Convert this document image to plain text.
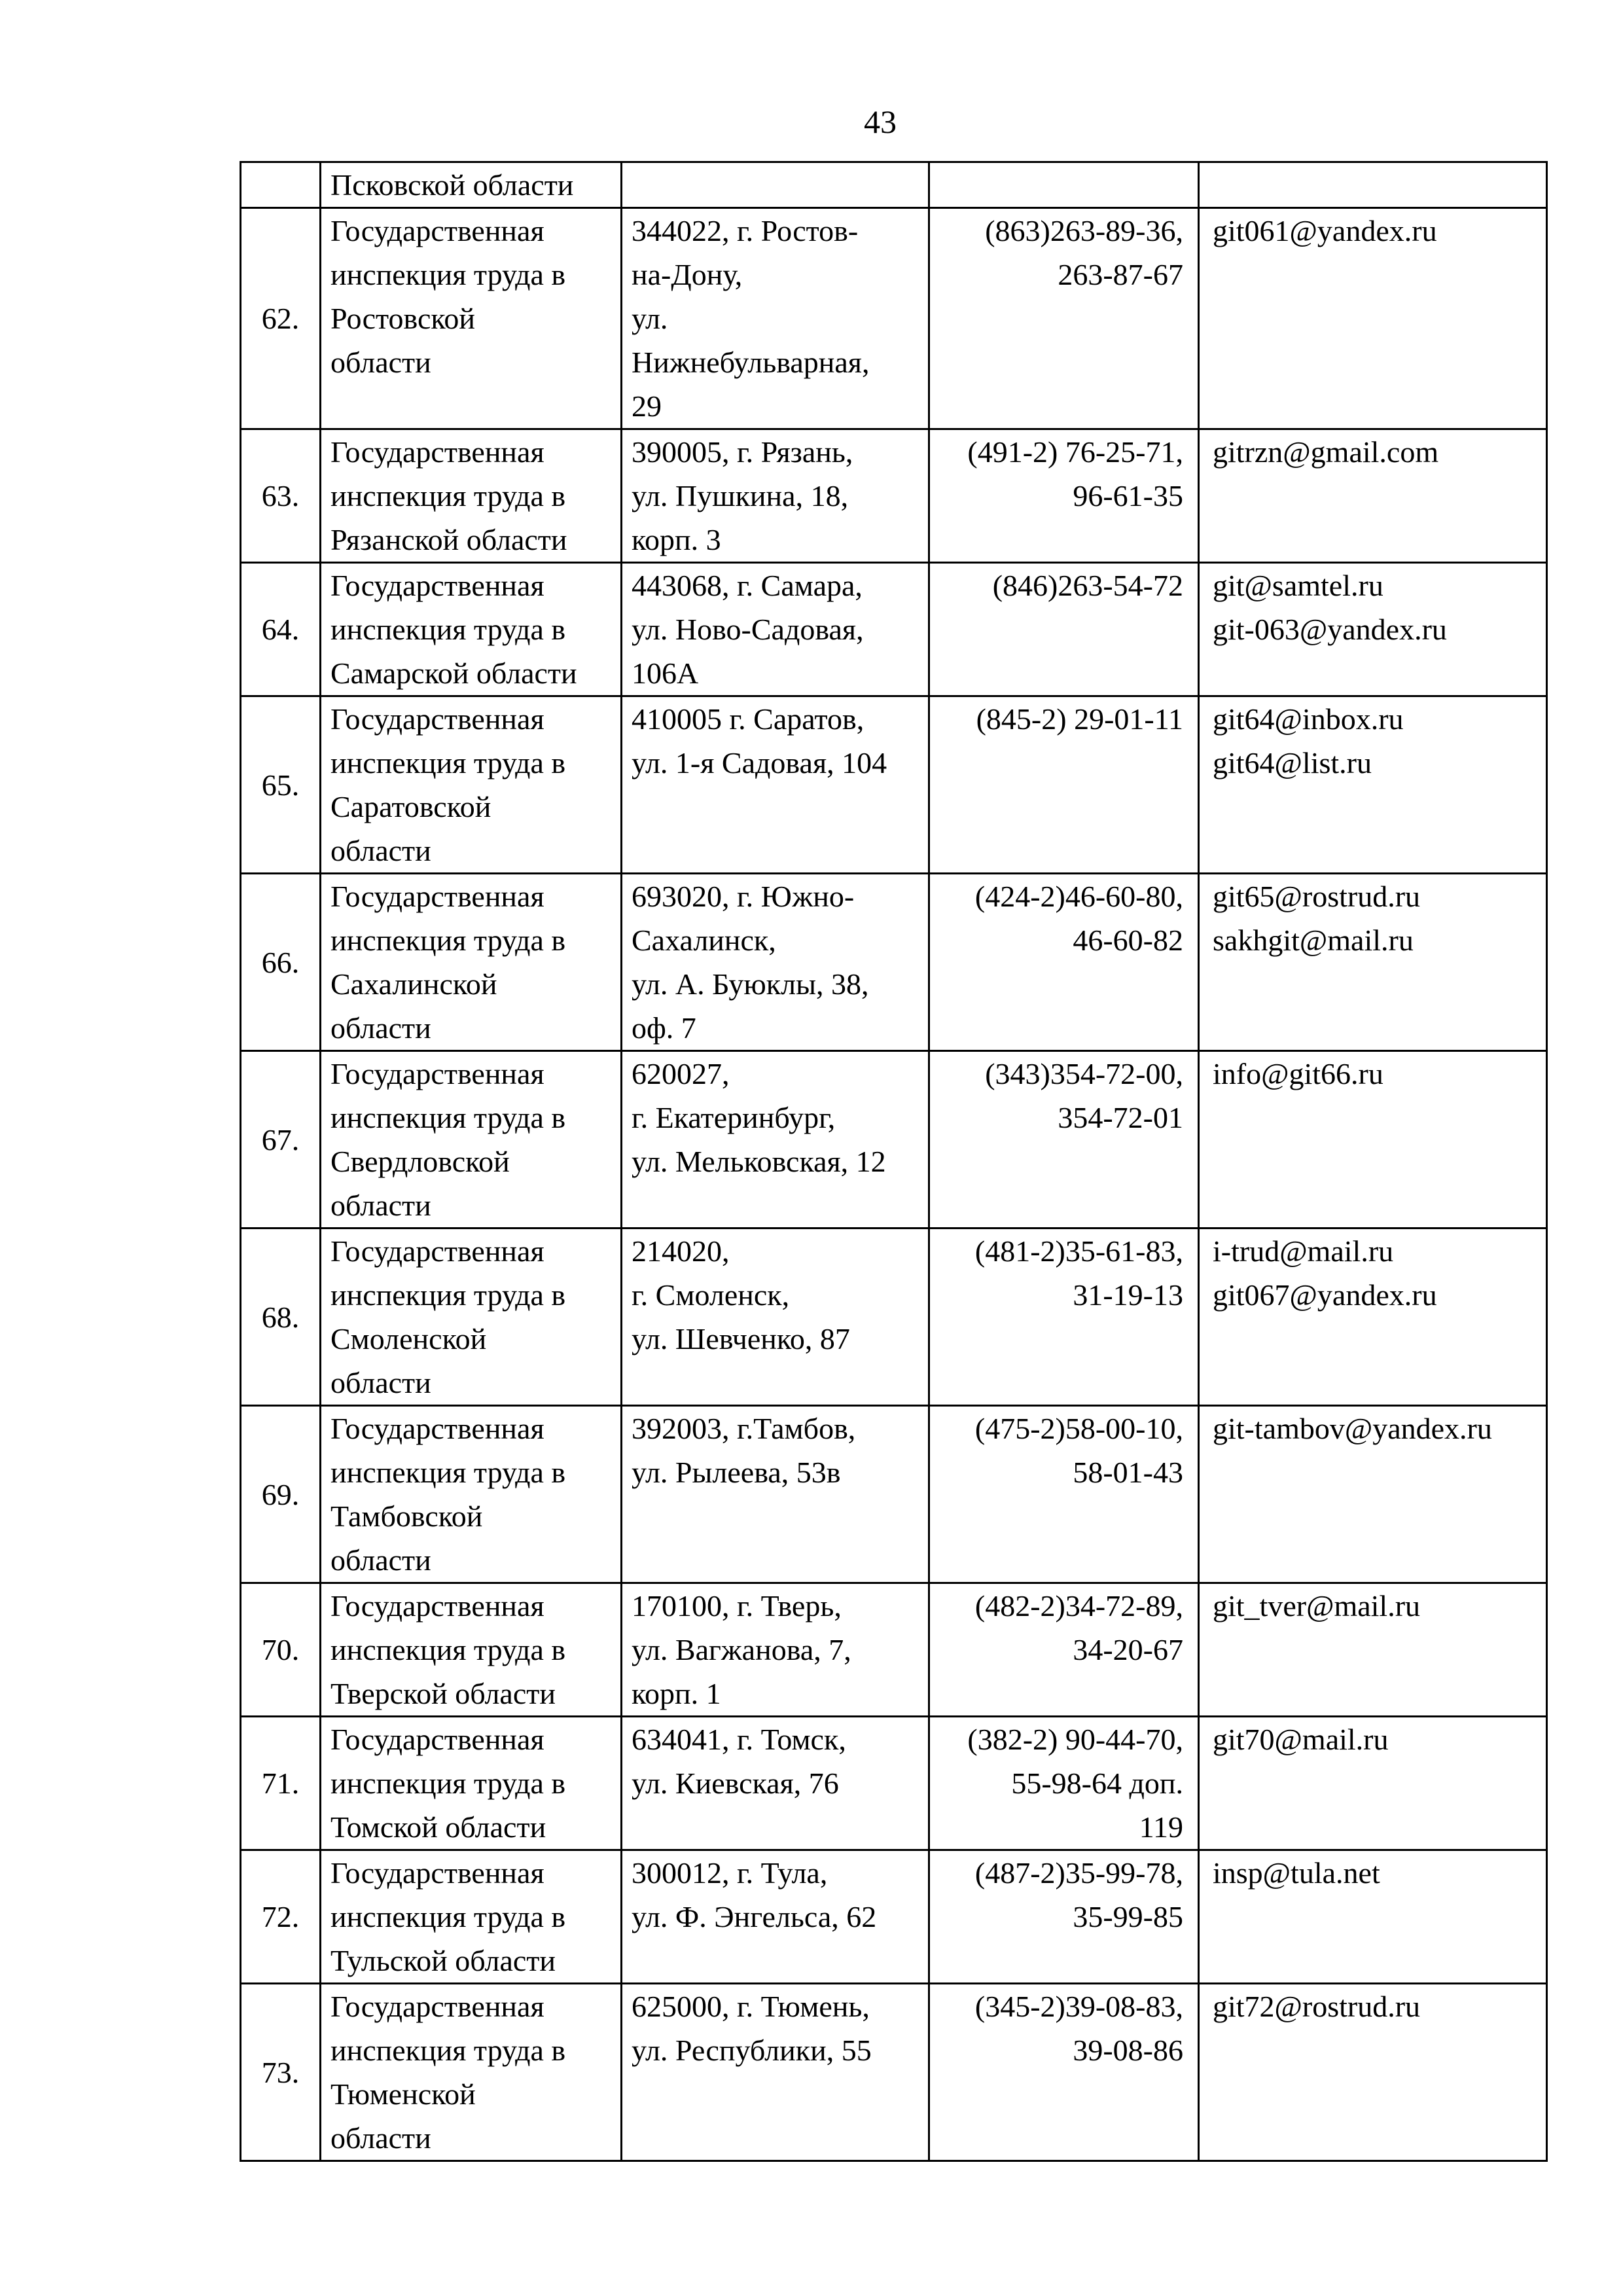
43

	Псковской области			

62.	Государственная
инспекция труда в
Ростовской
области	344022, г. Ростов-
на-Дону,
ул.
Нижнебульварная,
29	(863)263-89-36,
263-87-67	git061@yandex.ru

63.	Государственная
инспекция труда в
Рязанской области	390005, г. Рязань,
ул. Пушкина, 18,
корп. 3	(491-2) 76-25-71,
96-61-35	gitrzn@gmail.com

64.	Государственная
инспекция труда в
Самарской области	443068, г. Самара,
ул. Ново-Садовая,
106А	(846)263-54-72	git@samtel.ru
git-063@yandex.ru

65.	Государственная
инспекция труда в
Саратовской
области	410005 г. Саратов,
ул. 1-я Садовая, 104	(845-2) 29-01-11	git64@inbox.ru
git64@list.ru

66.	Государственная
инспекция труда в
Сахалинской
области	693020, г. Южно-
Сахалинск,
ул. А. Буюклы, 38,
оф. 7	(424-2)46-60-80,
46-60-82	git65@rostrud.ru
sakhgit@mail.ru

67.	Государственная
инспекция труда в
Свердловской
области	620027,
г. Екатеринбург,
ул. Мельковская, 12	(343)354-72-00,
354-72-01	info@git66.ru

68.	Государственная
инспекция труда в
Смоленской
области	214020,
г. Смоленск,
ул. Шевченко, 87	(481-2)35-61-83,
31-19-13	i-trud@mail.ru
git067@yandex.ru

69.	Государственная
инспекция труда в
Тамбовской
области	392003, г.Тамбов,
ул. Рылеева, 53в	(475-2)58-00-10,
58-01-43	git-tambov@yandex.ru

70.	Государственная
инспекция труда в
Тверской области	170100, г. Тверь,
ул. Вагжанова, 7,
корп. 1	(482-2)34-72-89,
34-20-67	git_tver@mail.ru

71.	Государственная
инспекция труда в
Томской области	634041, г. Томск,
ул. Киевская, 76	(382-2) 90-44-70,
55-98-64 доп.
119	git70@mail.ru

72.	Государственная
инспекция труда в
Тульской области	300012, г. Тула,
ул. Ф. Энгельса, 62	(487-2)35-99-78,
35-99-85	insp@tula.net

73.	Государственная
инспекция труда в
Тюменской
области	625000, г. Тюмень,
ул. Республики, 55	(345-2)39-08-83,
39-08-86	git72@rostrud.ru
